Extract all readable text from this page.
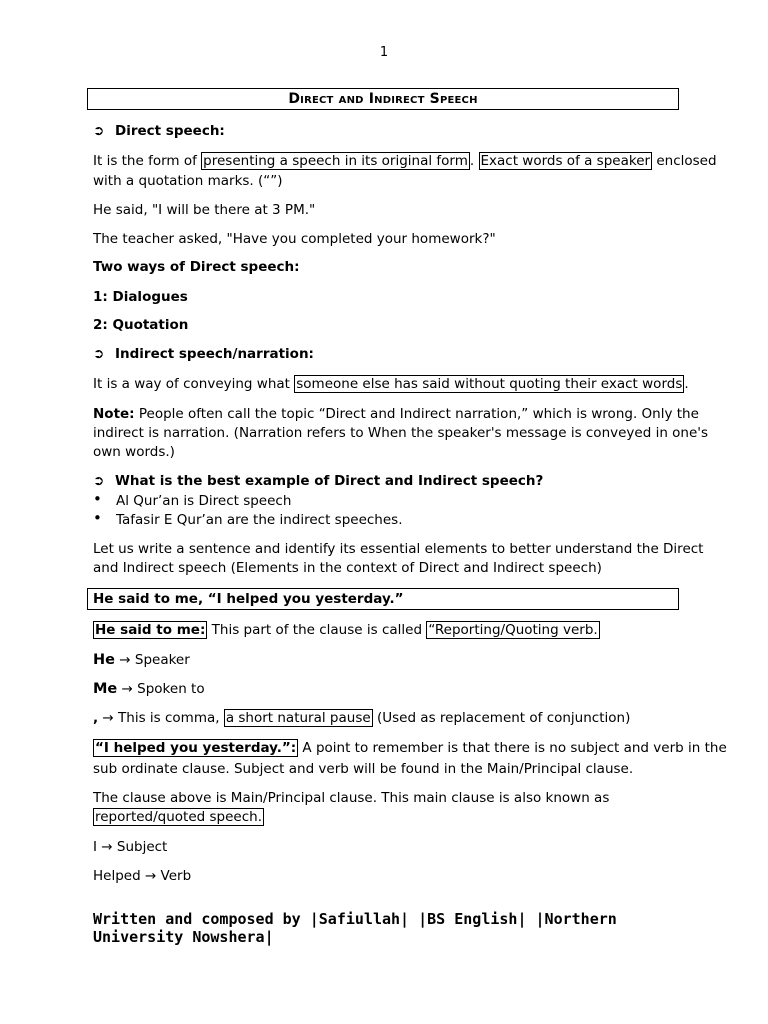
1
Direct and Indirect Speech
➲ Direct speech:
It is the form of presenting a speech in its original form . Exact words of a speaker enclosed
with a quotation marks. (“”)
He said, "I will be there at 3 PM."
The teacher asked, "Have you completed your homework?"
Two ways of Direct speech:
1: Dialogues
2: Quotation
➲ Indirect speech/narration:
It is a way of conveying what someone else has said without quoting their exact words .
Note: People often call the topic “Direct and Indirect narration,” which is wrong. Only the
indirect is narration. (Narration refers to When the speaker's message is conveyed in one's
own words.)
➲ What is the best example of Direct and Indirect speech?
• Al Qur’an is Direct speech
• Tafasir E Qur’an are the indirect speeches.
Let us write a sentence and identify its essential elements to better understand the Direct
and Indirect speech (Elements in the context of Direct and Indirect speech)
He said to me, “I helped you yesterday.”
He said to me: This part of the clause is called “Reporting/Quoting verb.
He → Speaker
Me → Spoken to
, → This is comma, a short natural pause (Used as replacement of conjunction)
“I helped you yesterday.”: A point to remember is that there is no subject and verb in the
sub ordinate clause. Subject and verb will be found in the Main/Principal clause.
The clause above is Main/Principal clause. This main clause is also known as
reported/quoted speech.
I → Subject
Helped → Verb
Written and composed by |Safiullah| |BS English| |Northern
University Nowshera|
